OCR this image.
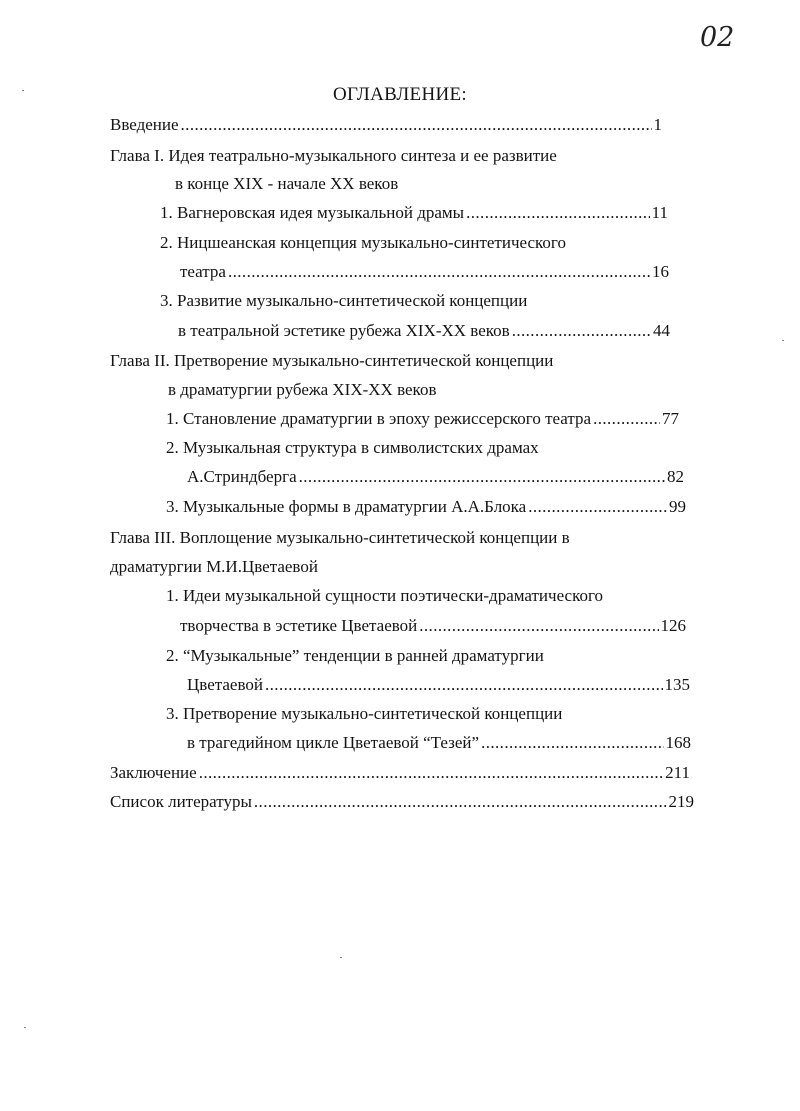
02
ОГЛАВЛЕНИЕ:
Введение .....	1
Глава I. Идея театрально-музыкального синтеза и ее развитие
в конце XIX - начале XX веков
1. Вагнеровская идея музыкальной драмы .....	11
2. Ницшеанская концепция музыкально-синтетического
театра .....	16
3. Развитие музыкально-синтетической концепции
в театральной эстетике рубежа XIX-XX веков .....	44
Глава II. Претворение музыкально-синтетической концепции
в драматургии рубежа XIX-XX веков
1. Становление драматургии в эпоху режиссерского театра .....	77
2. Музыкальная структура в символистских драмах
А.Стриндберга .....	82
3. Музыкальные формы в драматургии А.А.Блока .....	99
Глава III. Воплощение музыкально-синтетической концепции в
драматургии М.И.Цветаевой
1. Идеи музыкальной сущности поэтически-драматического
творчества в эстетике Цветаевой .....	126
2. “Музыкальные” тенденции в ранней драматургии
Цветаевой .....	135
3. Претворение музыкально-синтетической концепции
в трагедийном цикле Цветаевой “Тезей” .....	168
Заключение .....	211
Список литературы .....	219
